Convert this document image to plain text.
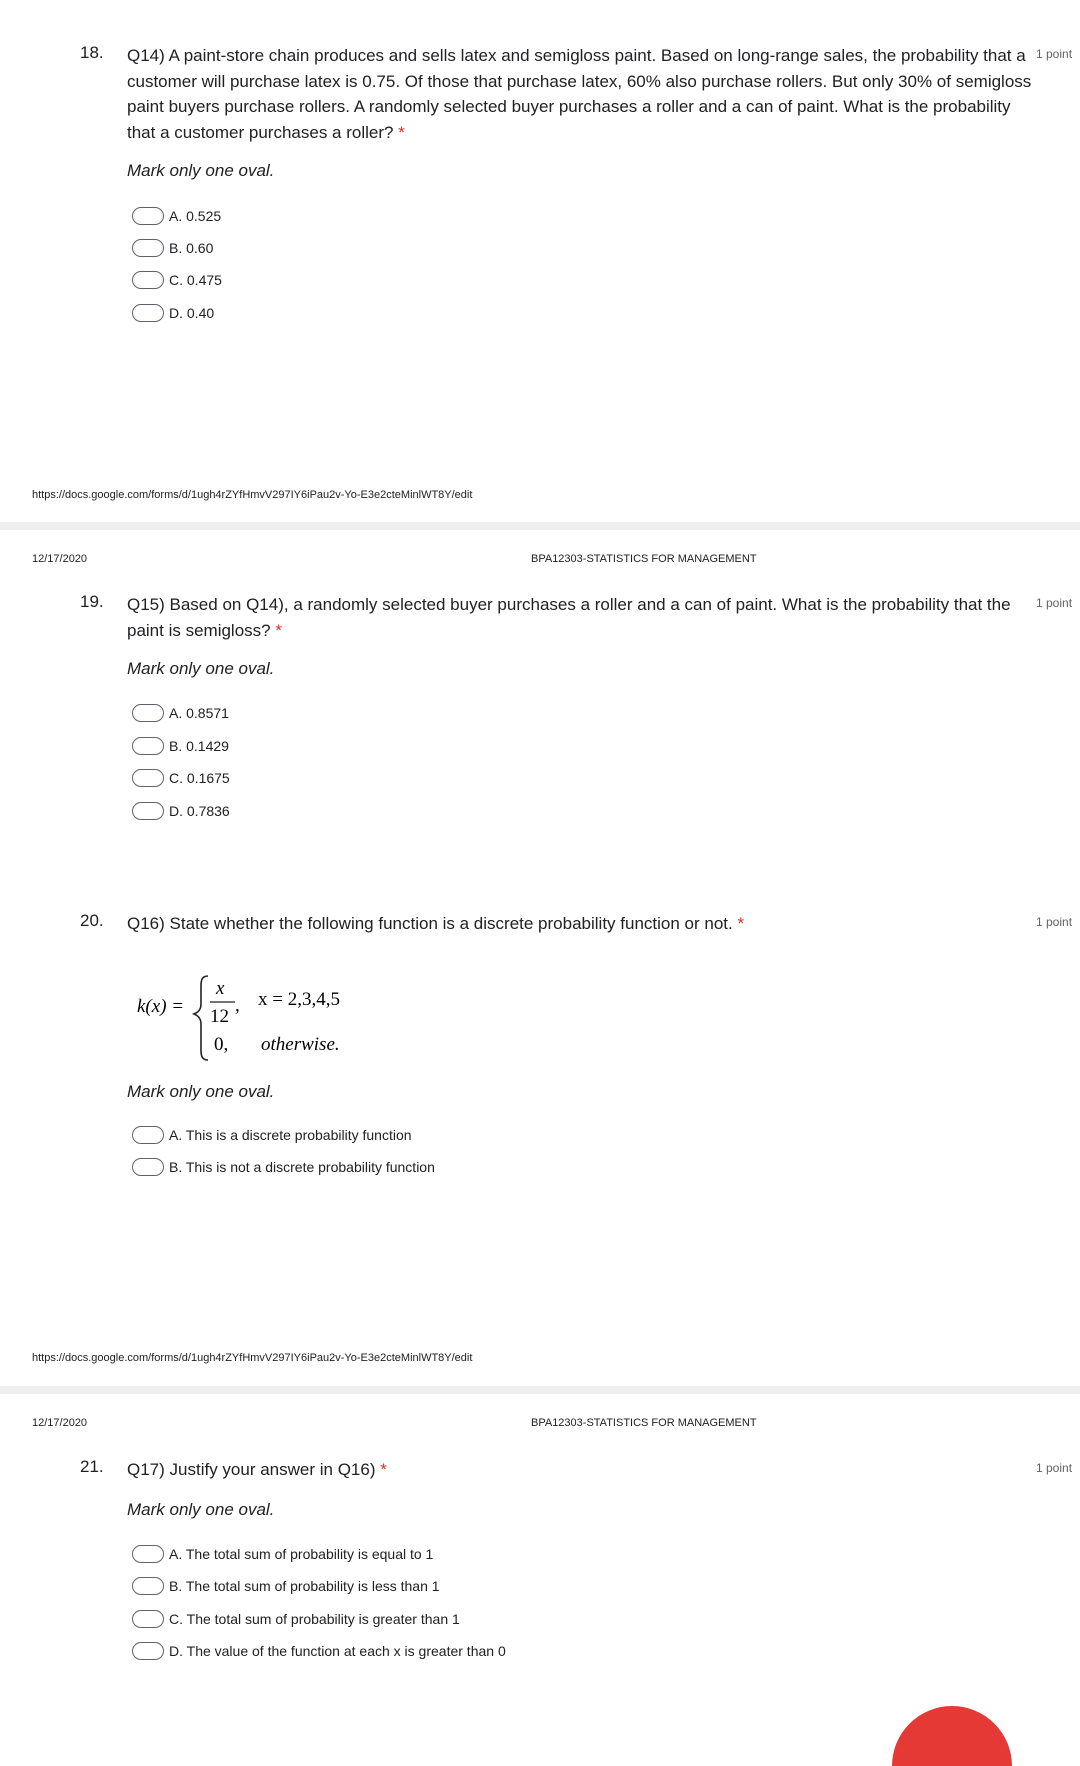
18. Q14) A paint-store chain produces and sells latex and semigloss paint. Based on long-range sales, the probability that a customer will purchase latex is 0.75. Of those that purchase latex, 60% also purchase rollers. But only 30% of semigloss paint buyers purchase rollers. A randomly selected buyer purchases a roller and a can of paint. What is the probability that a customer purchases a roller? *
1 point
Mark only one oval.
A. 0.525
B. 0.60
C. 0.475
D. 0.40
https://docs.google.com/forms/d/1ugh4rZYfHmvV297IY6iPau2v-Yo-E3e2cteMinlWT8Y/edit
12/17/2020	BPA12303-STATISTICS FOR MANAGEMENT
19. Q15) Based on Q14), a randomly selected buyer purchases a roller and a can of paint. What is the probability that the paint is semigloss? *
1 point
Mark only one oval.
A. 0.8571
B. 0.1429
C. 0.1675
D. 0.7836
20. Q16) State whether the following function is a discrete probability function or not. *	1 point
k(x) =
x
12
, x = 2,3,4,5
0, otherwise.
Mark only one oval.
A. This is a discrete probability function
B. This is not a discrete probability function
https://docs.google.com/forms/d/1ugh4rZYfHmvV297IY6iPau2v-Yo-E3e2cteMinlWT8Y/edit
12/17/2020	BPA12303-STATISTICS FOR MANAGEMENT
21. Q17) Justify your answer in Q16) *	1 point
Mark only one oval.
A. The total sum of probability is equal to 1
B. The total sum of probability is less than 1
C. The total sum of probability is greater than 1
D. The value of the function at each x is greater than 0
